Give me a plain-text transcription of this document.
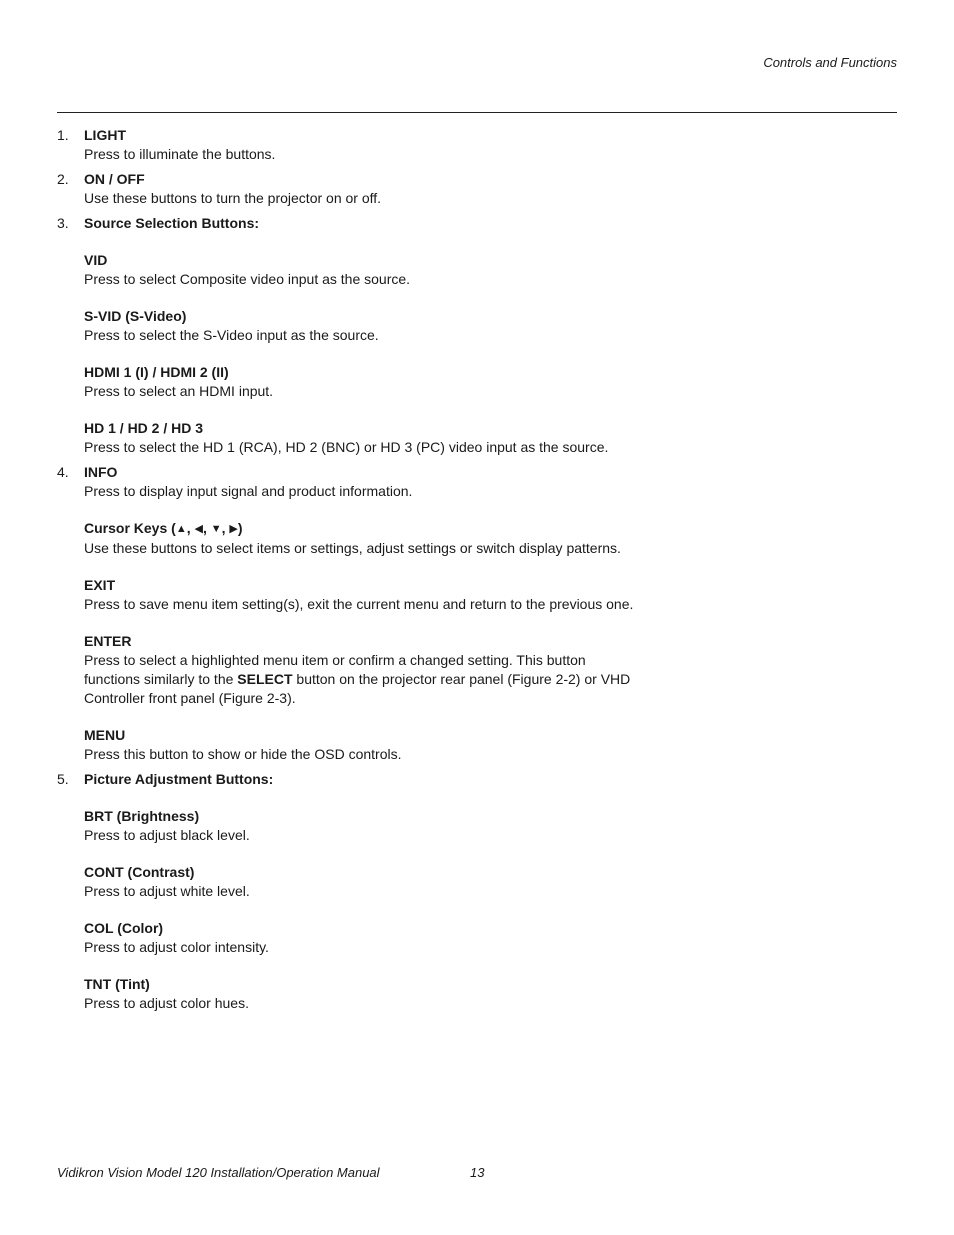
Controls and Functions
1. LIGHT
Press to illuminate the buttons.
2. ON / OFF
Use these buttons to turn the projector on or off.
3. Source Selection Buttons:
VID
Press to select Composite video input as the source.
S-VID (S-Video)
Press to select the S-Video input as the source.
HDMI 1 (I) / HDMI 2 (II)
Press to select an HDMI input.
HD 1 / HD 2 / HD 3
Press to select the HD 1 (RCA), HD 2 (BNC) or HD 3 (PC) video input as the source.
4. INFO
Press to display input signal and product information.
Cursor Keys (▲, ◀, ▼, ▶)
Use these buttons to select items or settings, adjust settings or switch display patterns.
EXIT
Press to save menu item setting(s), exit the current menu and return to the previous one.
ENTER
Press to select a highlighted menu item or confirm a changed setting. This button
functions similarly to the SELECT button on the projector rear panel (Figure 2-2) or VHD
Controller front panel (Figure 2-3).
MENU
Press this button to show or hide the OSD controls.
5. Picture Adjustment Buttons:
BRT (Brightness)
Press to adjust black level.
CONT (Contrast)
Press to adjust white level.
COL (Color)
Press to adjust color intensity.
TNT (Tint)
Press to adjust color hues.
Vidikron Vision Model 120 Installation/Operation Manual	13
